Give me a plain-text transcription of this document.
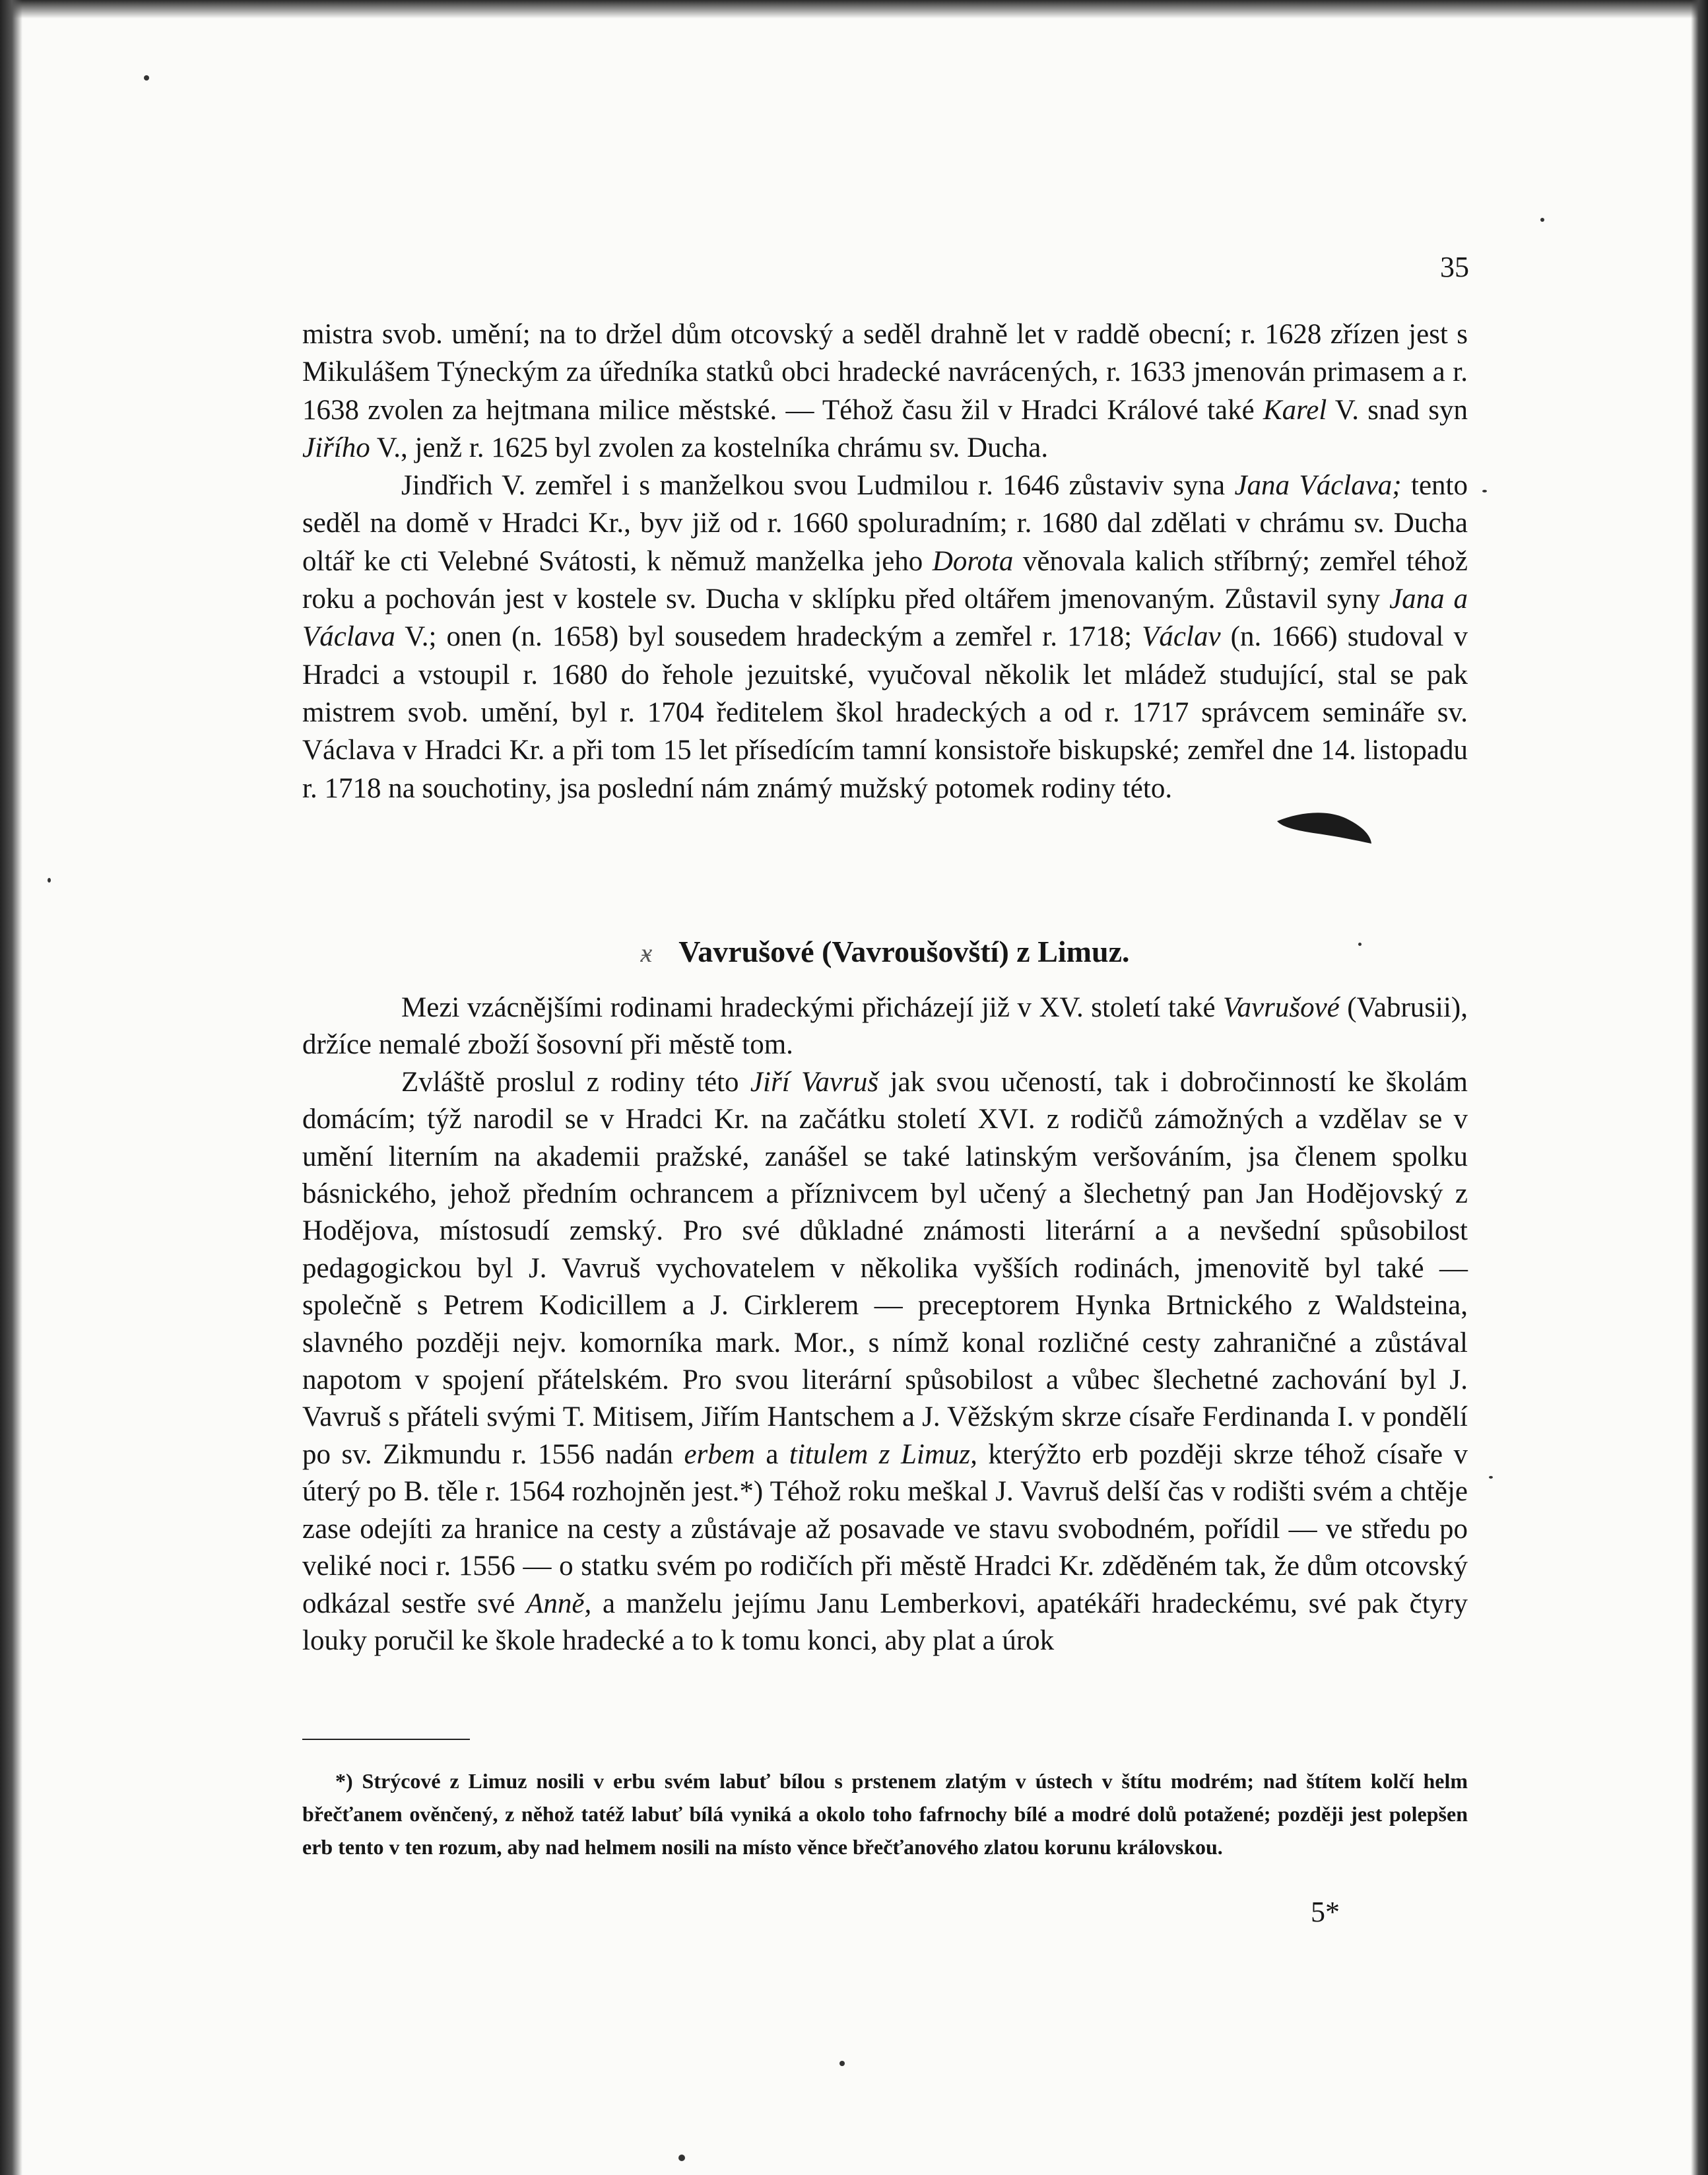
35

mistra svob. umění; na to držel dům otcovský a seděl drahně let v raddě obecní; r. 1628 zřízen jest s Mikulášem Týneckým za úředníka statků obci hradecké navrácených, r. 1633 jmenován primasem a r. 1638 zvolen za hejtmana milice městské. — Téhož času žil v Hradci Králové také Karel V. snad syn Jiřího V., jenž r. 1625 byl zvolen za kostelníka chrámu sv. Ducha.

Jindřich V. zemřel i s manželkou svou Ludmilou r. 1646 zůstaviv syna Jana Václava; tento seděl na domě v Hradci Kr., byv již od r. 1660 spoluradním; r. 1680 dal zdělati v chrámu sv. Ducha oltář ke cti Velebné Svátosti, k němuž manželka jeho Dorota věnovala kalich stříbrný; zemřel téhož roku a pochován jest v kostele sv. Ducha v sklípku před oltářem jmenovaným. Zůstavil syny Jana a Václava V.; onen (n. 1658) byl sousedem hradeckým a zemřel r. 1718; Václav (n. 1666) studoval v Hradci a vstoupil r. 1680 do řehole jezuitské, vyučoval několik let mládež studující, stal se pak mistrem svob. umění, byl r. 1704 ředitelem škol hradeckých a od r. 1717 správcem semináře sv. Václava v Hradci Kr. a při tom 15 let přísedícím tamní konsistoře biskupské; zemřel dne 14. listopadu r. 1718 na souchotiny, jsa poslední nám známý mužský potomek rodiny této.

ӿ Vavrušové (Vavroušovští) z Limuz.

Mezi vzácnějšími rodinami hradeckými přicházejí již v XV. století také Vavrušové (Vabrusii), držíce nemalé zboží šosovní při městě tom.

Zvláště proslul z rodiny této Jiří Vavruš jak svou učeností, tak i dobročinností ke školám domácím; týž narodil se v Hradci Kr. na začátku století XVI. z rodičů zámožných a vzdělav se v umění literním na akademii pražské, zanášel se také latinským veršováním, jsa členem spolku básnického, jehož předním ochrancem a příznivcem byl učený a šlechetný pan Jan Hodějovský z Hodějova, místosudí zemský. Pro své důkladné známosti literární a a nevšední spůsobilost pedagogickou byl J. Vavruš vychovatelem v několika vyšších rodinách, jmenovitě byl také — společně s Petrem Kodicillem a J. Cirklerem — preceptorem Hynka Brtnického z Waldsteina, slavného později nejv. komorníka mark. Mor., s nímž konal rozličné cesty zahraničné a zůstával napotom v spojení přátelském. Pro svou literární spůsobilost a vůbec šlechetné zachování byl J. Vavruš s přáteli svými T. Mitisem, Jiřím Hantschem a J. Věžským skrze císaře Ferdinanda I. v pondělí po sv. Zikmundu r. 1556 nadán erbem a titulem z Limuz, kterýžto erb později skrze téhož císaře v úterý po B. těle r. 1564 rozhojněn jest.*) Téhož roku meškal J. Vavruš delší čas v rodišti svém a chtěje zase odejíti za hranice na cesty a zůstávaje až posavade ve stavu svobodném, pořídil — ve středu po veliké noci r. 1556 — o statku svém po rodičích při městě Hradci Kr. zděděném tak, že dům otcovský odkázal sestře své Anně, a manželu jejímu Janu Lemberkovi, apatékáři hradeckému, své pak čtyry louky poručil ke škole hradecké a to k tomu konci, aby plat a úrok

*) Strýcové z Limuz nosili v erbu svém labuť bílou s prstenem zlatým v ústech v štítu modrém; nad štítem kolčí helm břečťanem ověnčený, z něhož tatéž labuť bílá vyniká a okolo toho fafrnochy bílé a modré dolů potažené; později jest polepšen erb tento v ten rozum, aby nad helmem nosili na místo věnce břečťanového zlatou korunu královskou.
5*
